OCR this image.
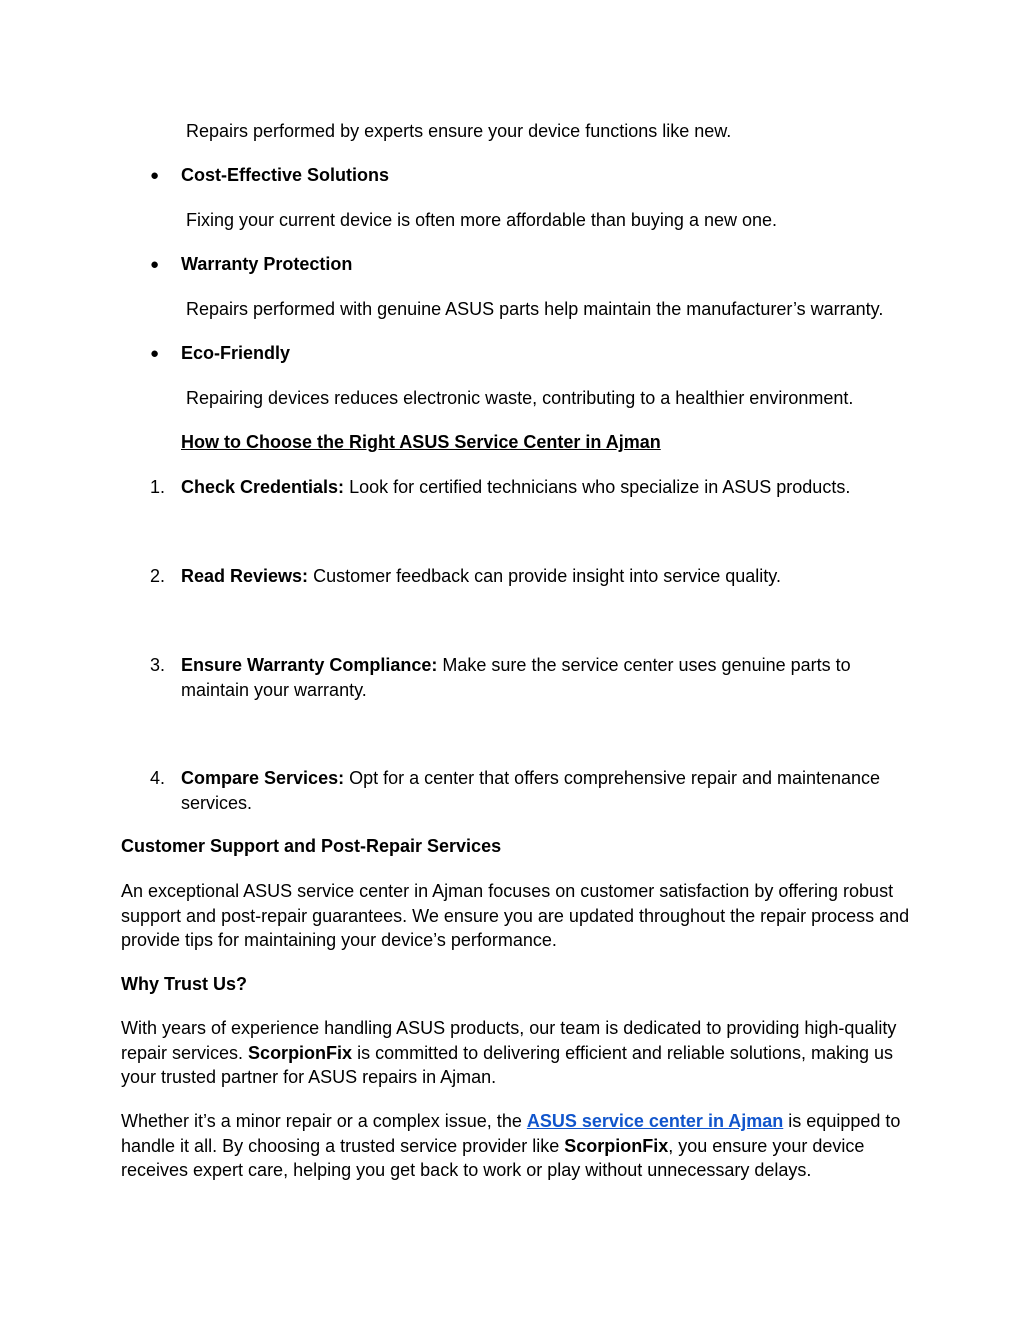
Repairs performed by experts ensure your device functions like new.

● Cost-Effective Solutions

Fixing your current device is often more affordable than buying a new one.

● Warranty Protection

Repairs performed with genuine ASUS parts help maintain the manufacturer’s warranty.

● Eco-Friendly

Repairing devices reduces electronic waste, contributing to a healthier environment.

How to Choose the Right ASUS Service Center in Ajman

1. Check Credentials: Look for certified technicians who specialize in ASUS products.

2. Read Reviews: Customer feedback can provide insight into service quality.

3. Ensure Warranty Compliance: Make sure the service center uses genuine parts to maintain your warranty.

4. Compare Services: Opt for a center that offers comprehensive repair and maintenance services.

Customer Support and Post-Repair Services

An exceptional ASUS service center in Ajman focuses on customer satisfaction by offering robust support and post-repair guarantees. We ensure you are updated throughout the repair process and provide tips for maintaining your device’s performance.

Why Trust Us?

With years of experience handling ASUS products, our team is dedicated to providing high-quality repair services. ScorpionFix is committed to delivering efficient and reliable solutions, making us your trusted partner for ASUS repairs in Ajman.

Whether it’s a minor repair or a complex issue, the ASUS service center in Ajman is equipped to handle it all. By choosing a trusted service provider like ScorpionFix, you ensure your device receives expert care, helping you get back to work or play without unnecessary delays.
